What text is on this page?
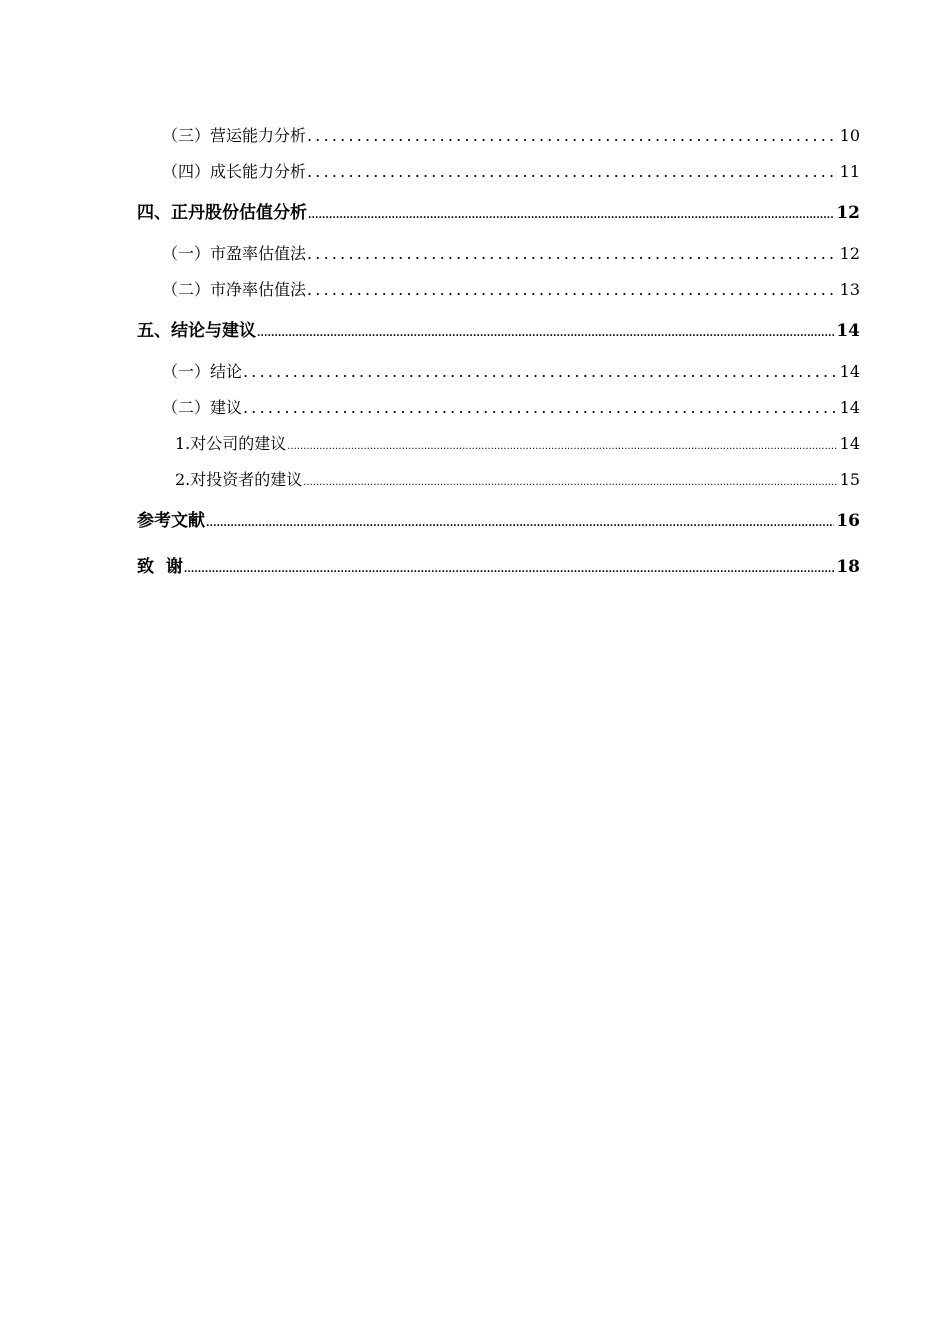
（三）营运能力分析 .....	10
（四）成长能力分析 .....	11
四、正丹股份估值分析 .....	12
（一）市盈率估值法 .....	12
（二）市净率估值法 .....	13
五、结论与建议 .....	14
（一）结论 .....	14
（二）建议 .....	14
1.对公司的建议 .....	14
2.对投资者的建议 .....	15
参考文献 .....	16
致  谢 .....	18
